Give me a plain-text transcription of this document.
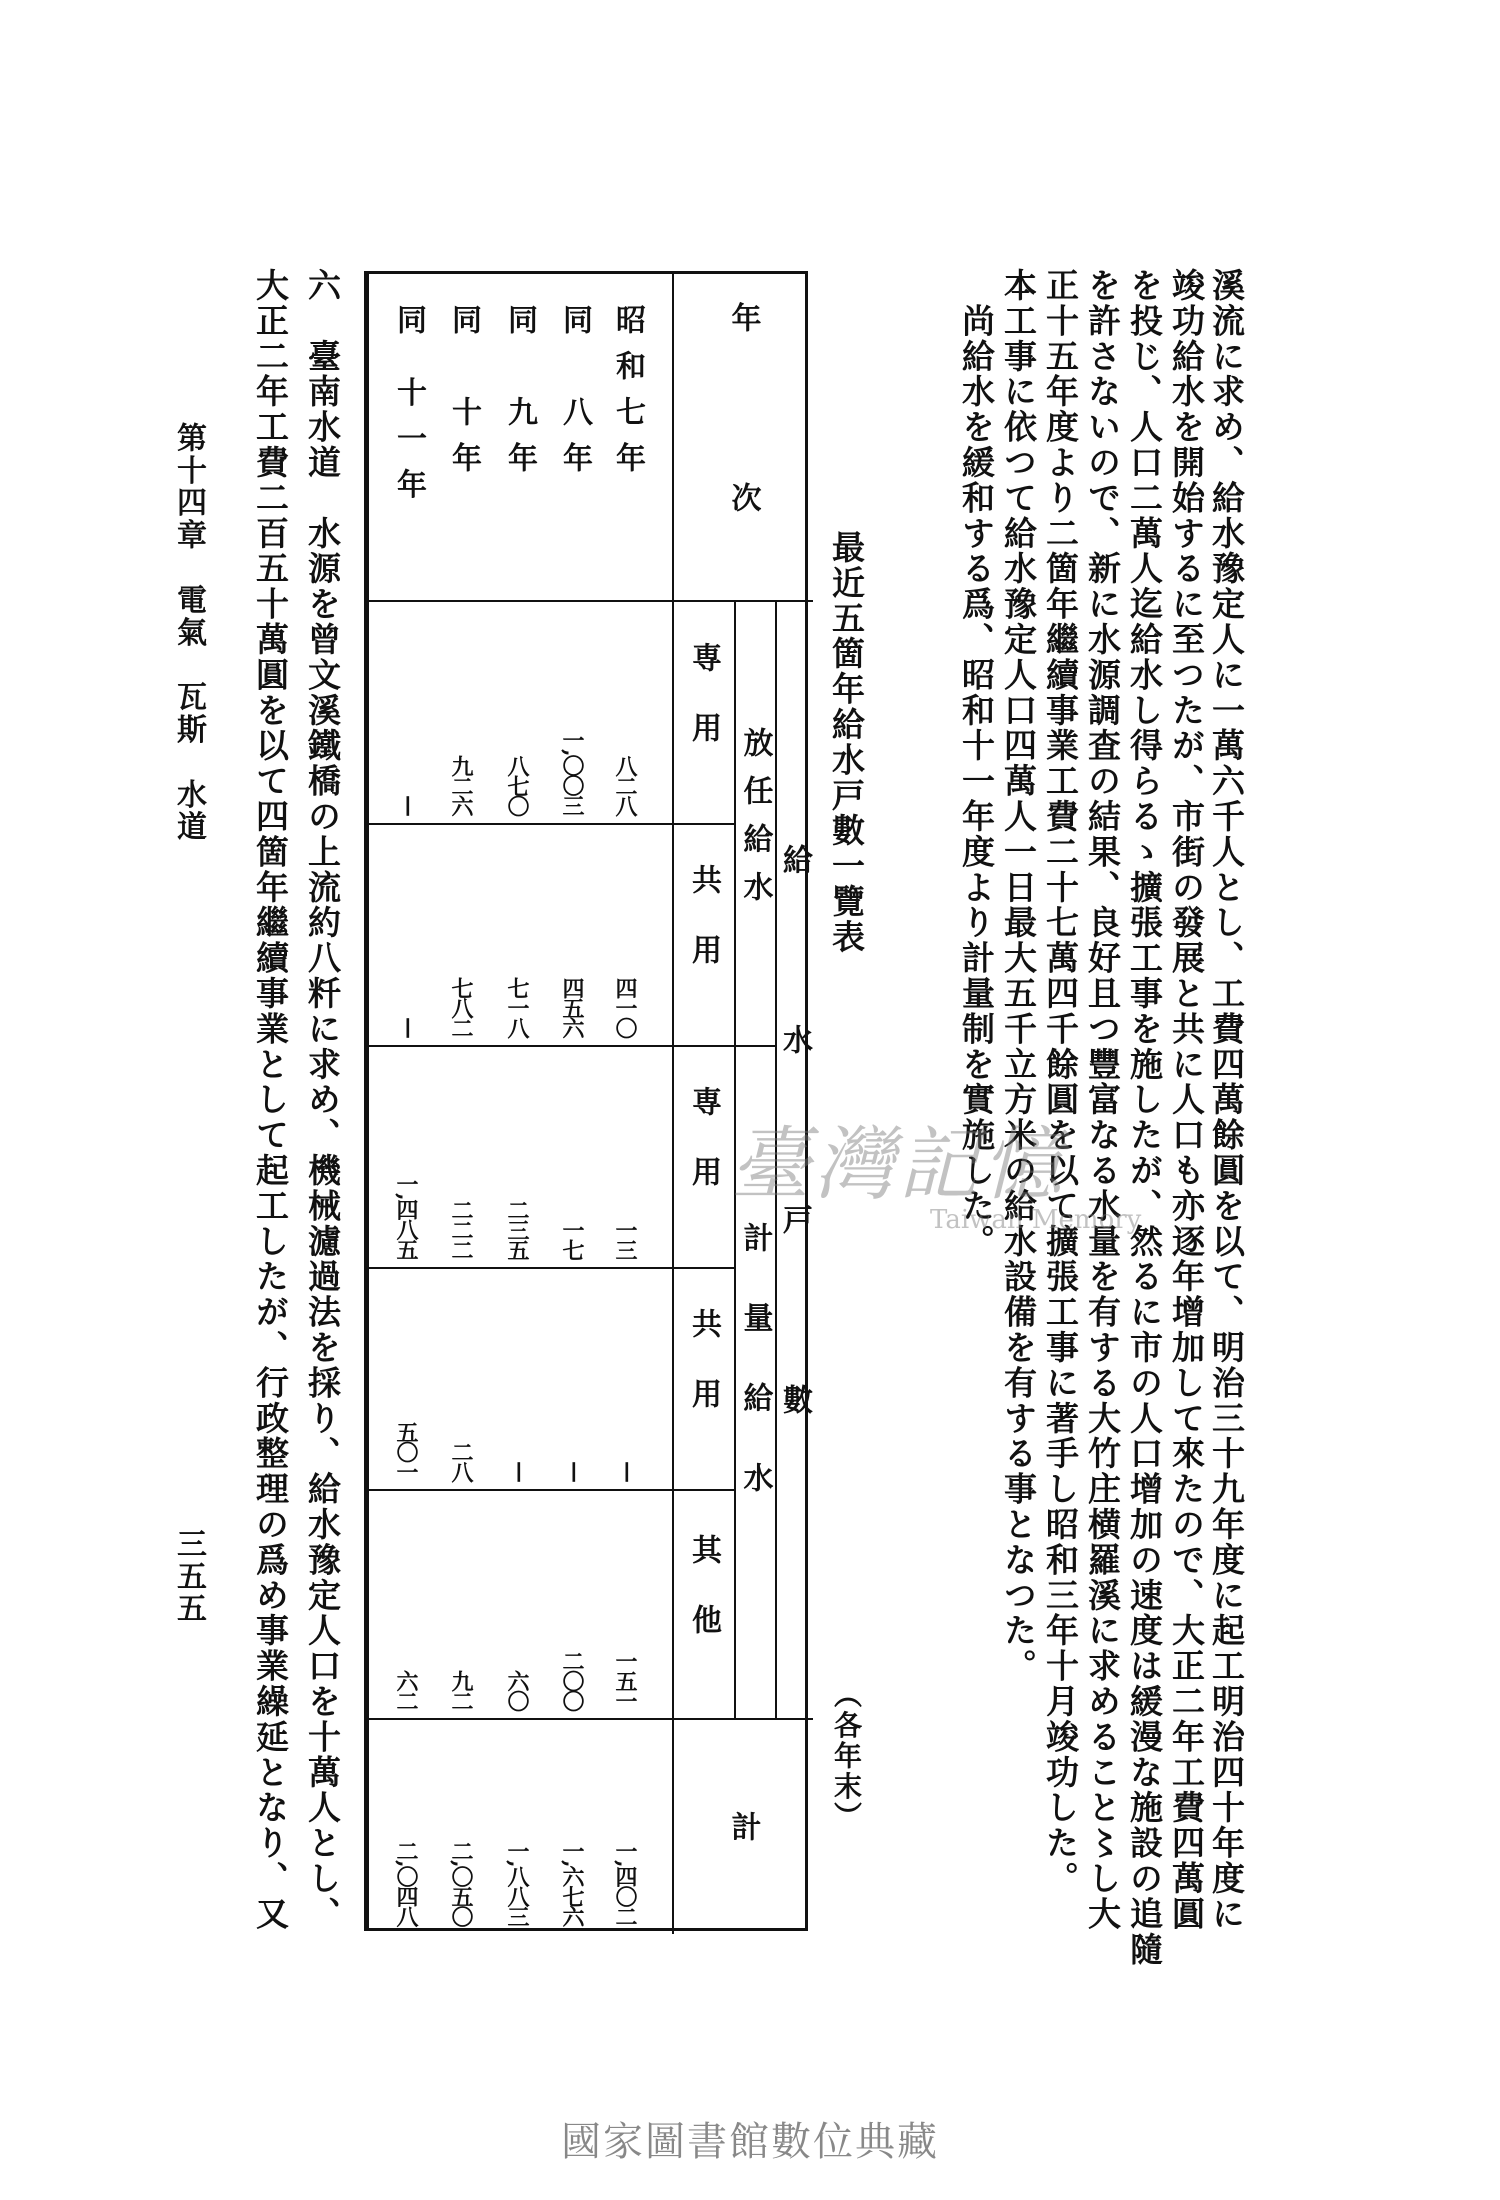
溪流に求め、給水豫定人に一萬六千人とし、工費四萬餘圓を以て、明治三十九年度に起工明治四十年度に
竣功給水を開始するに至つたが、市街の發展と共に人口も亦逐年增加して來たので、大正二年工費四萬圓
を投じ、人口二萬人迄給水し得らるゝ擴張工事を施したが、然るに市の人口增加の速度は緩漫な施設の追隨
を許さないので、新に水源調査の結果、良好且つ豐富なる水量を有する大竹庄横羅溪に求めること〻し大
正十五年度より二箇年繼續事業工費二十七萬四千餘圓を以て擴張工事に著手し昭和三年十月竣功した。
本工事に依つて給水豫定人口四萬人一日最大五千立方米の給水設備を有する事となつた。
　尚給水を緩和する爲、昭和十一年度より計量制を實施した。
最近五箇年給水戸數一覽表
（各年末）
年　次
給　水　戸　數
計
放任給水
計量給水
専用
共用
専用
共用
其他
昭和七年
八二八
四一〇
一三
—
一五一
一,四〇二
同　八年
一,〇〇三
四五六
一七
—
二〇〇
一,六七六
同　九年
八七〇
七一八
二三五
—
六〇
一,八八三
同　十年
九二六
七八二
二二二
二八
九二
二,〇五〇
同 十一年
—
—
一,四八五
五〇一
六二
二,〇四八
六　臺南水道　水源を曾文溪鐵橋の上流約八粁に求め、機械濾過法を採り、給水豫定人口を十萬人とし、
大正二年工費二百五十萬圓を以て四箇年繼續事業として起工したが、行政整理の爲め事業繰延となり、又
第十四章　電氣　瓦斯　水道
三五五
臺灣記憶
Taiwan Memory
國家圖書館數位典藏
